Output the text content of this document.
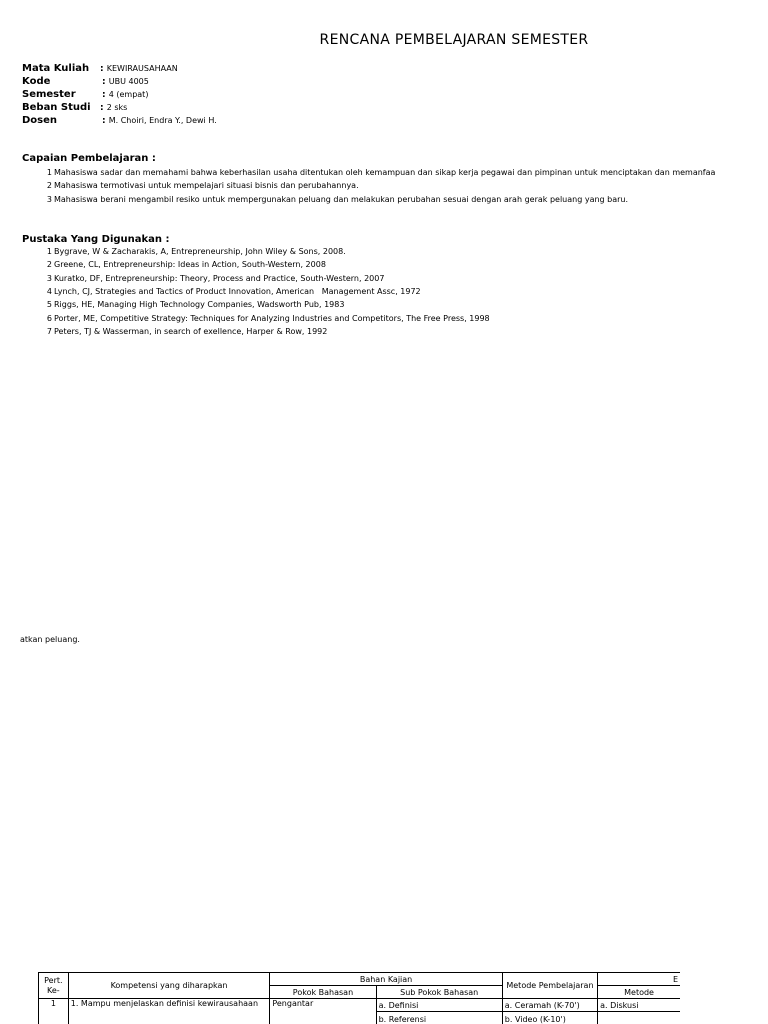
RENCANA PEMBELAJARAN SEMESTER
Mata Kuliah	: KEWIRAUSAHAAN
Kode	: UBU 4005
Semester	: 4 (empat)
Beban Studi	: 2 sks
Dosen	: M. Choiri, Endra Y., Dewi H.
Capaian Pembelajaran :
1 Mahasiswa sadar dan memahami bahwa keberhasilan usaha ditentukan oleh kemampuan dan sikap kerja pegawai dan pimpinan untuk menciptakan dan memanfaa
2 Mahasiswa termotivasi untuk mempelajari situasi bisnis dan perubahannya.
3 Mahasiswa berani mengambil resiko untuk mempergunakan peluang dan melakukan perubahan sesuai dengan arah gerak peluang yang baru.
Pustaka Yang Digunakan :
1 Bygrave, W & Zacharakis, A, Entrepreneurship, John Wiley & Sons, 2008.
2 Greene, CL, Entrepreneurship: Ideas in Action, South-Western, 2008
3 Kuratko, DF, Entrepreneurship: Theory, Process and Practice, South-Western, 2007
4 Lynch, CJ, Strategies and Tactics of Product Innovation, American   Management Assc, 1972
5 Riggs, HE, Managing High Technology Companies, Wadsworth Pub, 1983
6 Porter, ME, Competitive Strategy: Techniques for Analyzing Industries and Competitors, The Free Press, 1998
7 Peters, TJ & Wasserman, in search of exellence, Harper & Row, 1992
atkan peluang.
Pert. Ke-	Kompetensi yang diharapkan	Bahan Kajian		Metode Pembelajaran	E
		Pokok Bahasan	Sub Pokok Bahasan		Metode
1	1. Mampu menjelaskan definisi kewirausahaan	Pengantar	a. Definisi	a. Ceramah (K-70')	a. Diskusi
			b. Referensi	b. Video (K-10')	
